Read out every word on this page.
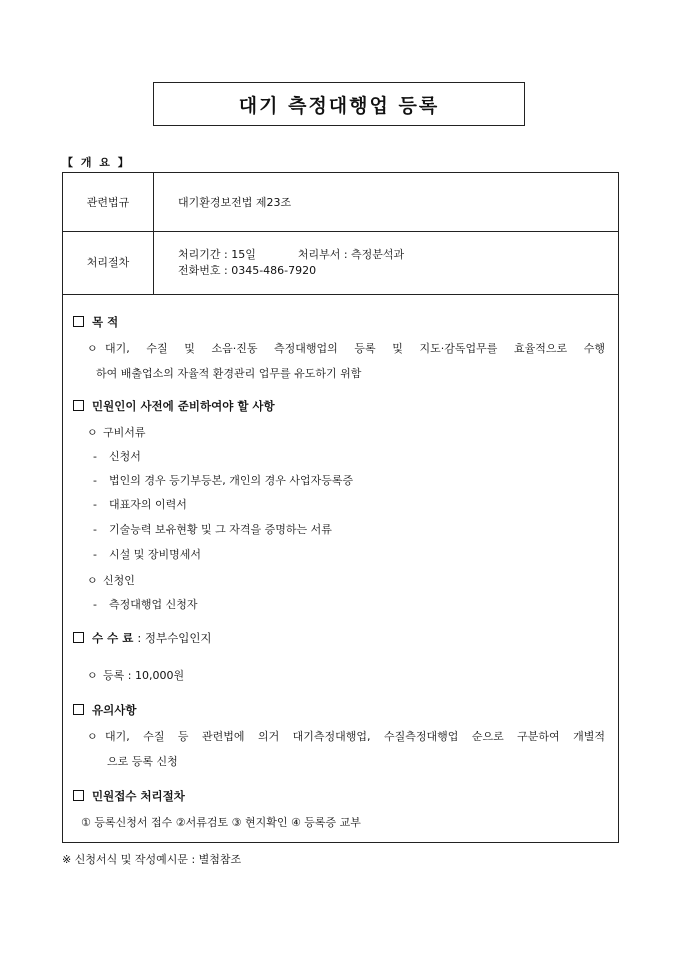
대기 측정대행업 등록
【 개 요 】
관련법규	대기환경보전법 제23조
처리절차	처리기간 : 15일 처리부서 : 측정분석과
전화번호 : 0345-486-7920
목 적
ㅇ 대기, 수질 및 소음·진동 측정대행업의 등록 및 지도·감독업무를 효율적으로 수행
하여 배출업소의 자율적 환경관리 업무를 유도하기 위함
민원인이 사전에 준비하여야 할 사항
ㅇ 구비서류
- 신청서
- 법인의 경우 등기부등본, 개인의 경우 사업자등록증
- 대표자의 이력서
- 기술능력 보유현황 및 그 자격을 증명하는 서류
- 시설 및 장비명세서
ㅇ 신청인
- 측정대행업 신청자
수 수 료 : 정부수입인지
ㅇ 등록 : 10,000원
유의사항
ㅇ 대기, 수질 등 관련법에 의거 대기측정대행업, 수질측정대행업 순으로 구분하여 개별적
으로 등록 신청
민원접수 처리절차
① 등록신청서 접수 ②서류검토 ③ 현지확인 ④ 등록증 교부
※ 신청서식 및 작성예시문 : 별첨참조
